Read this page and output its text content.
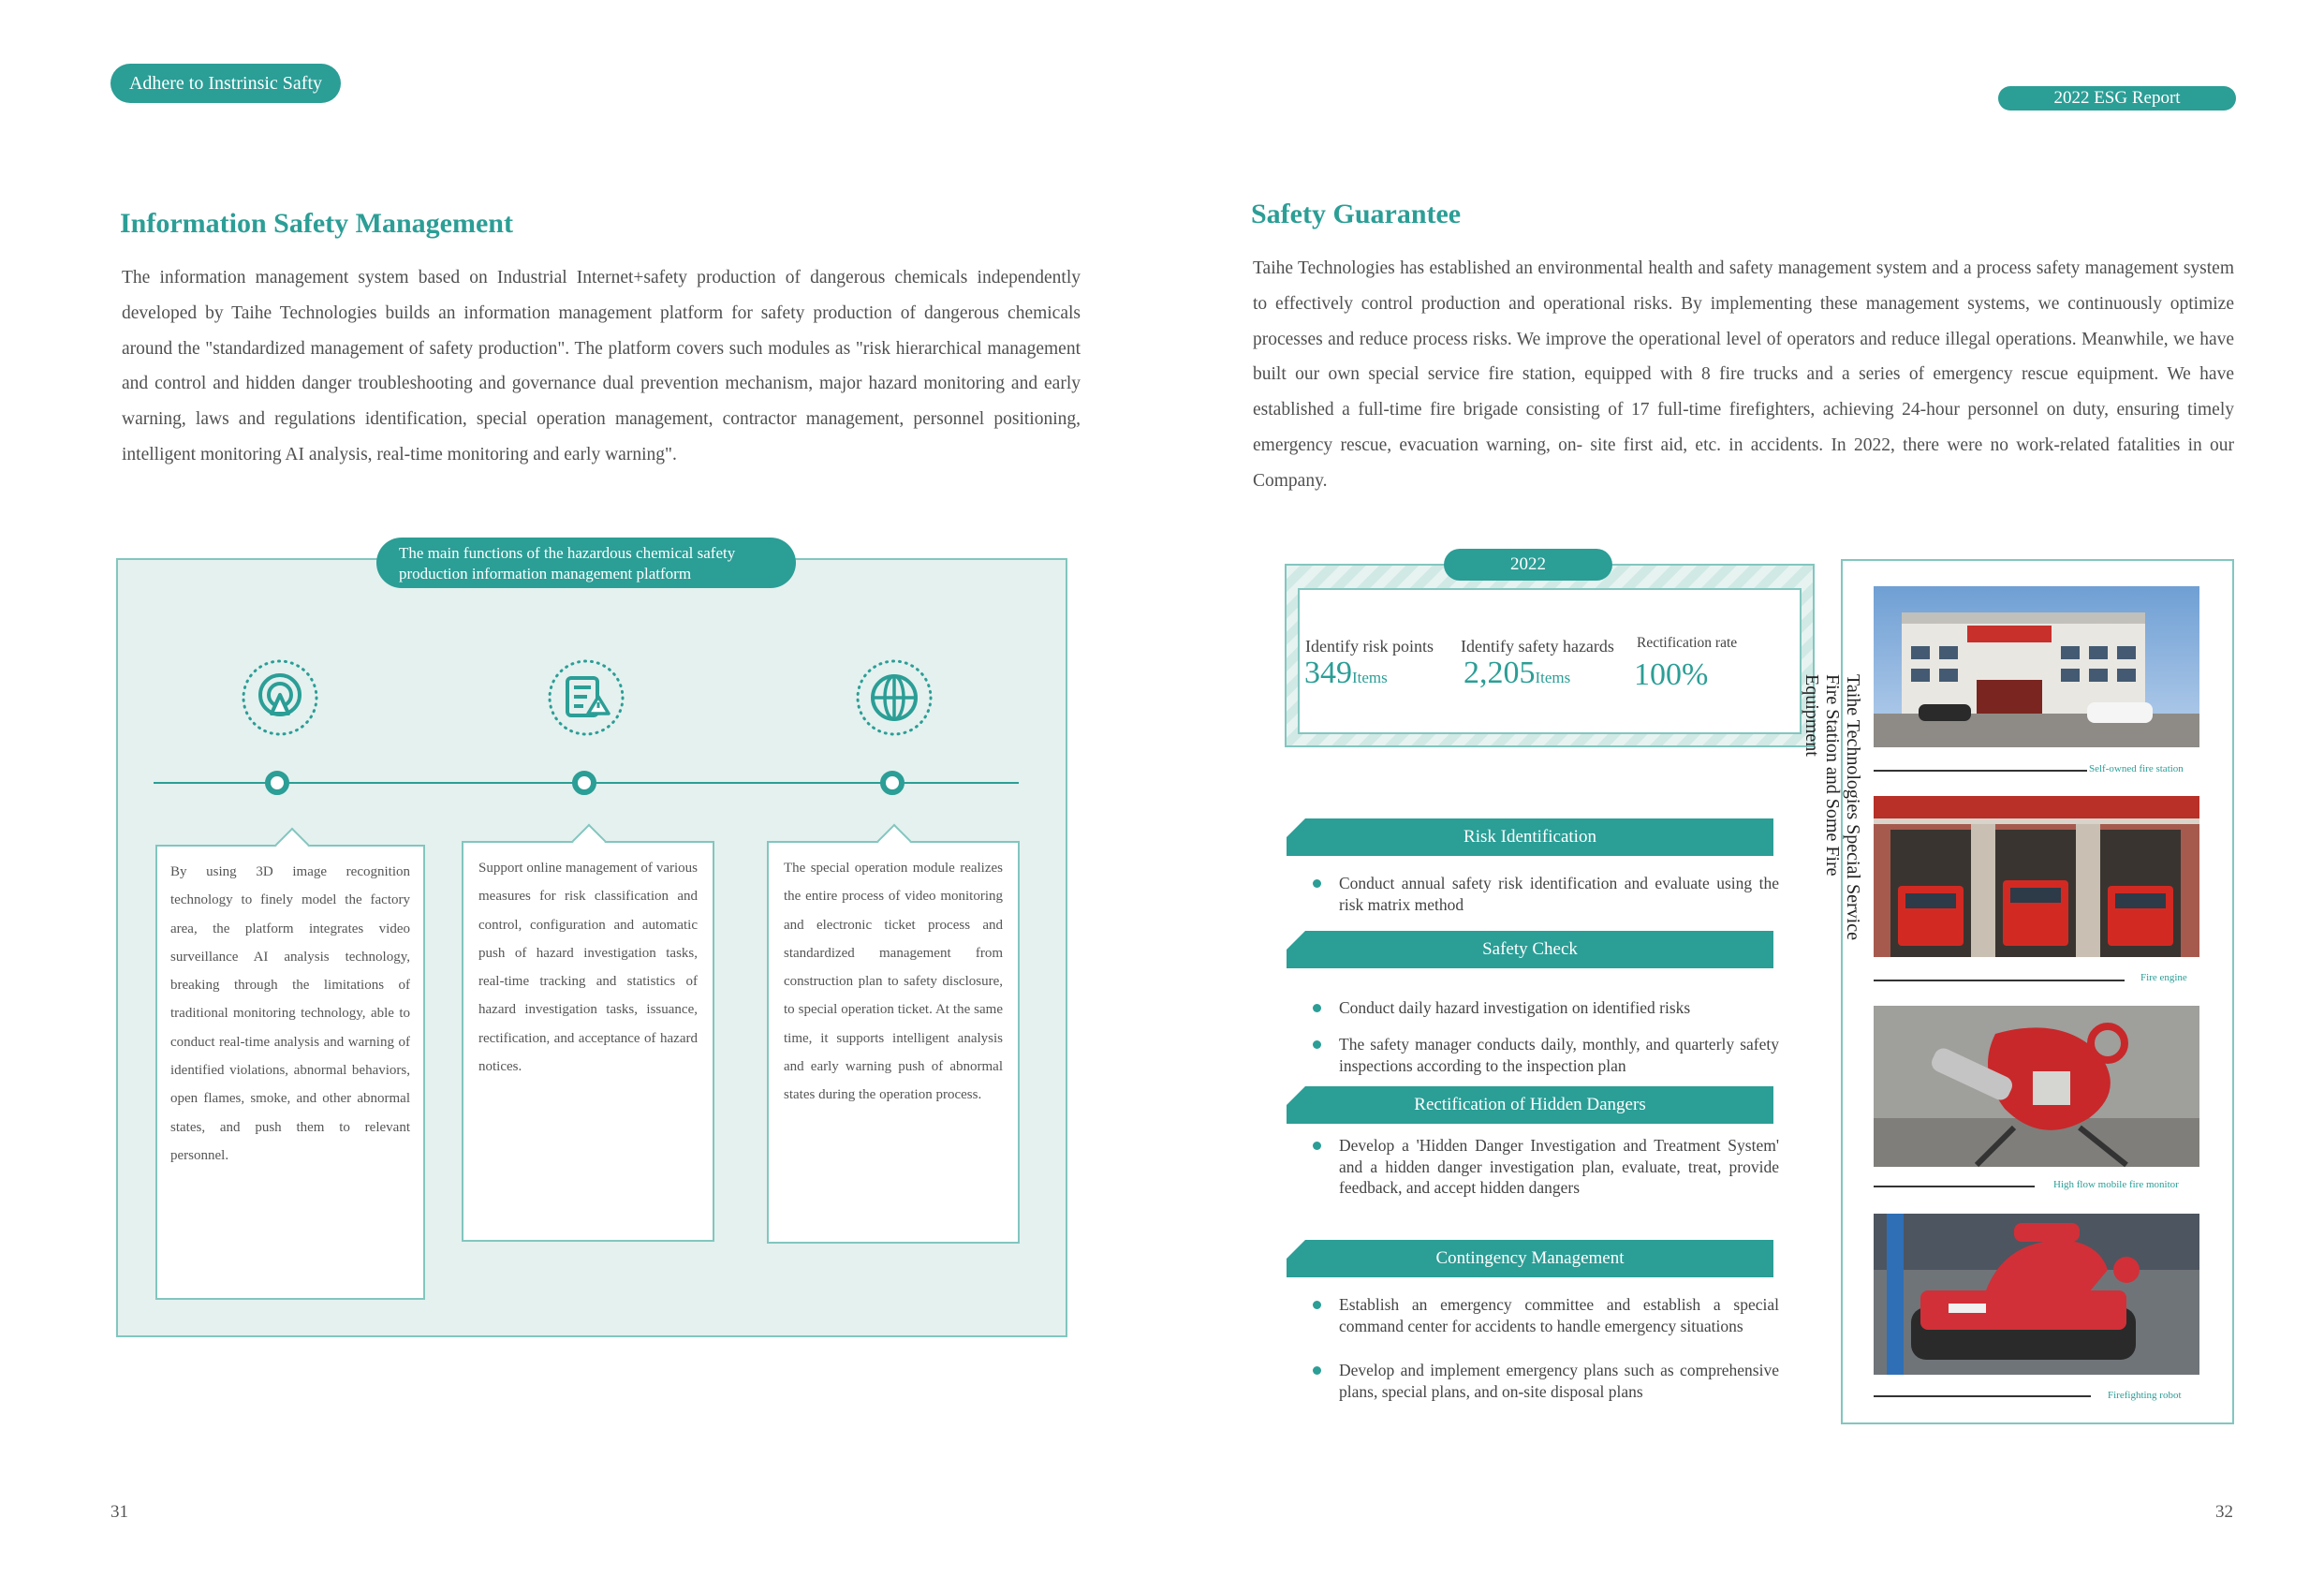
Adhere to Instrinsic Safty
2022 ESG Report
Information Safety Management

The information management system based on Industrial Internet+safety production of dangerous chemicals independently developed by Taihe Technologies builds an information management platform for safety production of dangerous chemicals around the "standardized management of safety production". The platform covers such modules as "risk hierarchical management and control and hidden danger troubleshooting and governance dual prevention mechanism, major hazard monitoring and early warning, laws and regulations identification, special operation management, contractor management, personnel positioning, intelligent monitoring AI analysis, real-time monitoring and early warning".

The main functions of the hazardous chemical safety production information management platform
By using 3D image recognition technology to finely model the factory area, the platform integrates video surveillance AI analysis technology, breaking through the limitations of traditional monitoring technology, able to conduct real-time analysis and warning of identified violations, abnormal behaviors, open flames, smoke, and other abnormal states, and push them to relevant personnel.
Support online management of various measures for risk classification and control, configuration and automatic push of hazard investigation tasks, real-time tracking and statistics of hazard investigation tasks, issuance, rectification, and acceptance of hazard notices.
The special operation module realizes the entire process of video monitoring and electronic ticket process and standardized management from construction plan to safety disclosure, to special operation ticket. At the same time, it supports intelligent analysis and early warning push of abnormal states during the operation process.
31
Safety Guarantee

Taihe Technologies has established an environmental health and safety management system and a process safety management system to effectively control production and operational risks. By implementing these management systems, we continuously optimize processes and reduce process risks. We improve the operational level of operators and reduce illegal operations. Meanwhile, we have built our own special service fire station, equipped with 8 fire trucks and a series of emergency rescue equipment. We have established a full-time fire brigade consisting of 17 full-time firefighters, achieving 24-hour personnel on duty, ensuring timely emergency rescue, evacuation warning, on- site first aid, etc. in accidents. In 2022, there were no work-related fatalities in our Company.

2022
Identify risk points
349Items
Identify safety hazards
2,205Items
Rectification rate
100%
Risk Identification
Conduct annual safety risk identification and evaluate using the risk matrix method
Safety Check
Conduct daily hazard investigation on identified risks
The safety manager conducts daily, monthly, and quarterly safety inspections according to the inspection plan
Rectification of Hidden Dangers
Develop a 'Hidden Danger Investigation and Treatment System' and a hidden danger investigation plan, evaluate, treat, provide feedback, and accept hidden dangers
Contingency Management
Establish an emergency committee and establish a special command center for accidents to handle emergency situations
Develop and implement emergency plans such as comprehensive plans, special plans, and on-site disposal plans
Taihe Technologies Special Service Fire Station and Some Fire Equipment
Self-owned fire station
Fire engine
High flow mobile fire monitor
Firefighting robot
32
